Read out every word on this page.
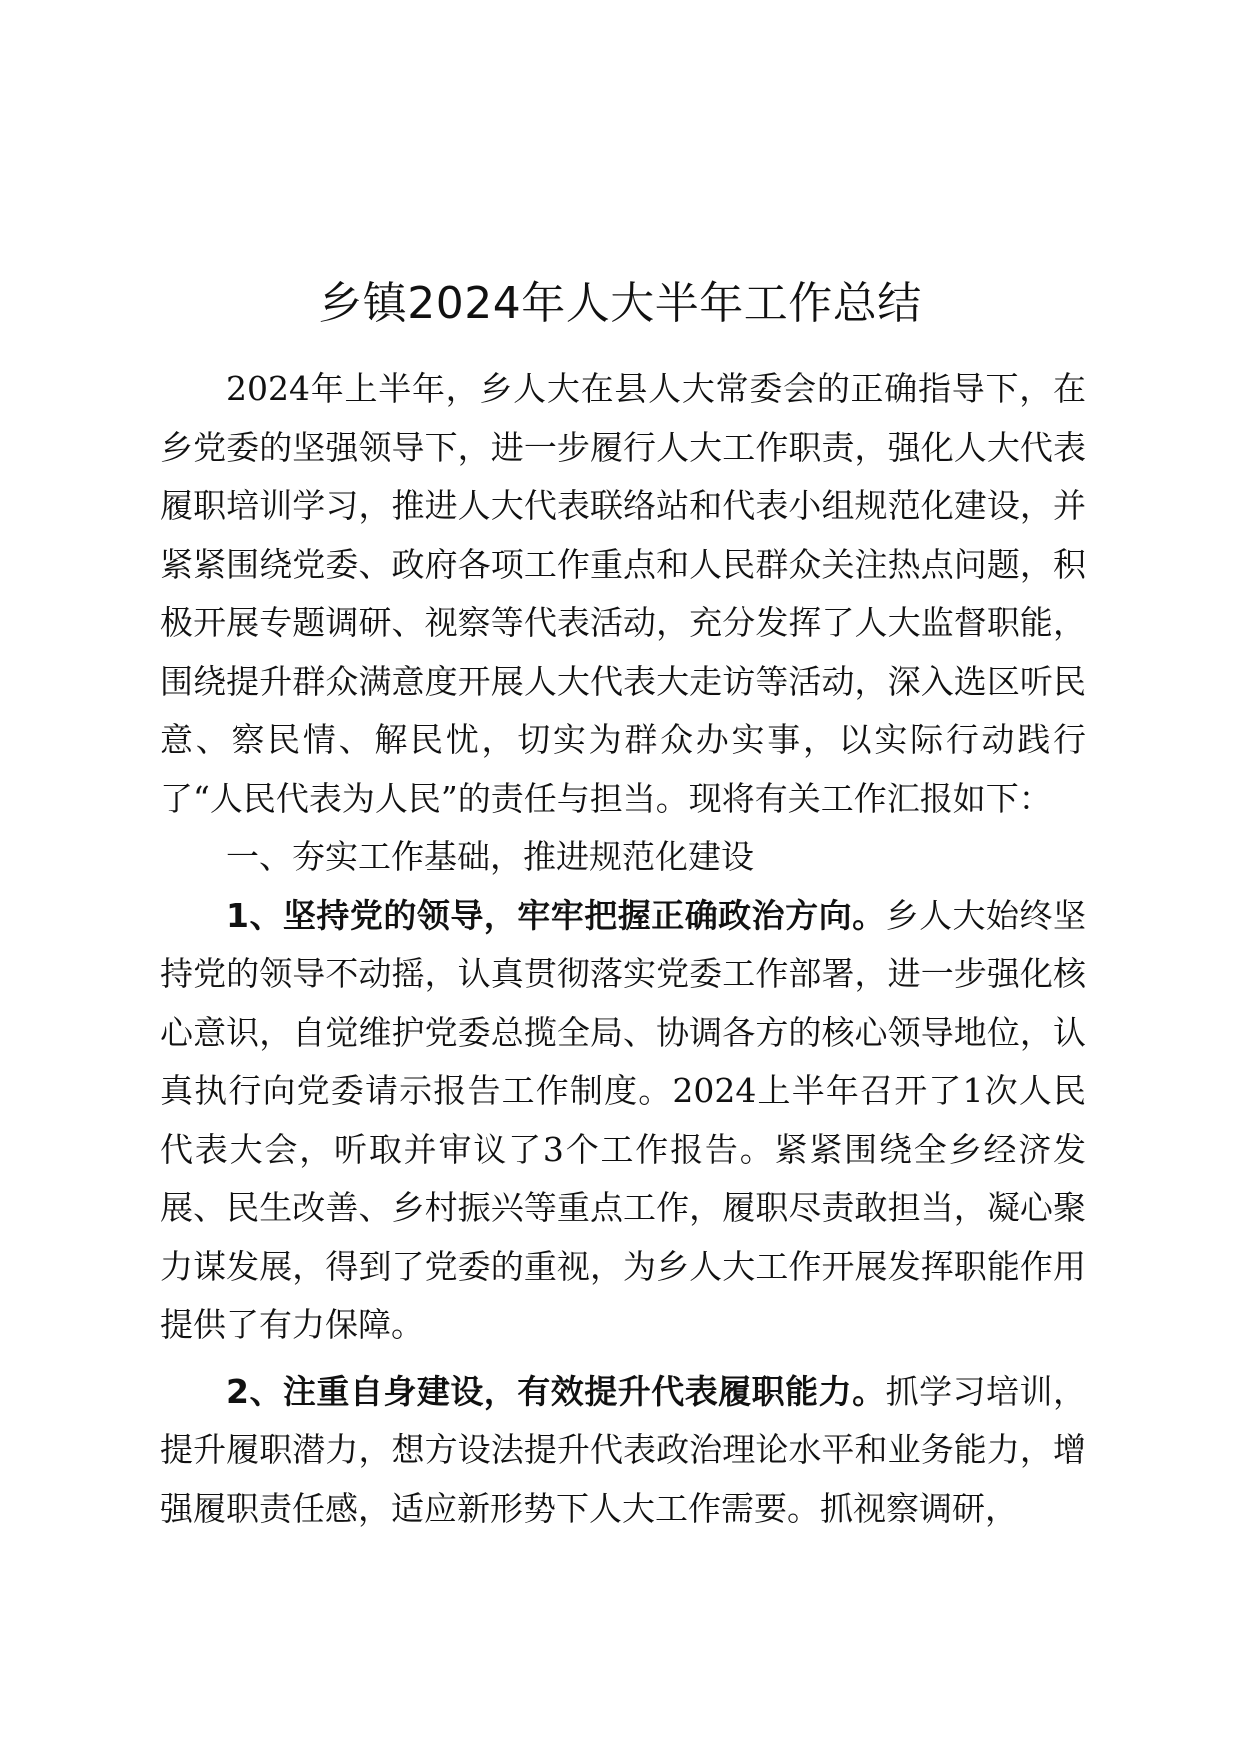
乡镇2024年人大半年工作总结

2024年上半年，乡人大在县人大常委会的正确指导下，在乡党委的坚强领导下，进一步履行人大工作职责，强化人大代表履职培训学习，推进人大代表联络站和代表小组规范化建设，并紧紧围绕党委、政府各项工作重点和人民群众关注热点问题，积极开展专题调研、视察等代表活动，充分发挥了人大监督职能，围绕提升群众满意度开展人大代表大走访等活动，深入选区听民意、察民情、解民忧，切实为群众办实事，以实际行动践行了“人民代表为人民”的责任与担当。现将有关工作汇报如下：

一、夯实工作基础，推进规范化建设

1、坚持党的领导，牢牢把握正确政治方向。乡人大始终坚持党的领导不动摇，认真贯彻落实党委工作部署，进一步强化核心意识，自觉维护党委总揽全局、协调各方的核心领导地位，认真执行向党委请示报告工作制度。2024上半年召开了1次人民代表大会，听取并审议了3个工作报告。紧紧围绕全乡经济发展、民生改善、乡村振兴等重点工作，履职尽责敢担当，凝心聚力谋发展，得到了党委的重视，为乡人大工作开展发挥职能作用提供了有力保障。

2、注重自身建设，有效提升代表履职能力。抓学习培训，提升履职潜力，想方设法提升代表政治理论水平和业务能力，增强履职责任感，适应新形势下人大工作需要。抓视察调研，
